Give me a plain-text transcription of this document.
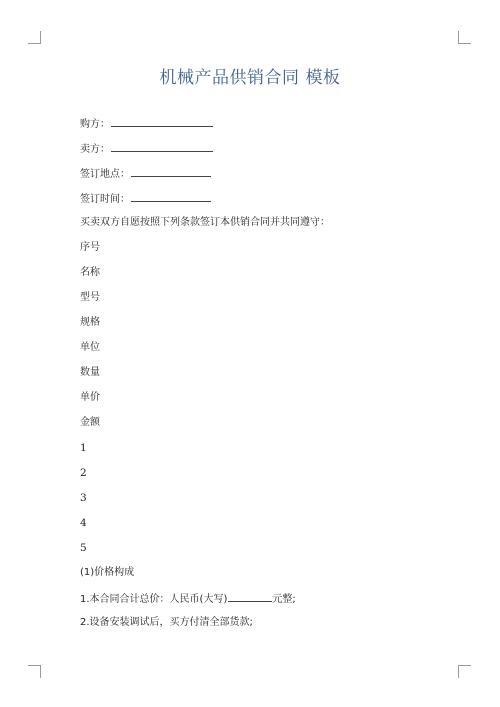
机械产品供销合同 模板
购方：
卖方：
签订地点：
签订时间：
买卖双方自愿按照下列条款签订本供销合同并共同遵守：
序号
名称
型号
规格
单位
数量
单价
金额
1
2
3
4
5
(1)价格构成
1.本合同合计总价：人民币(大写)	元整;
2.设备安装调试后，买方付清全部货款;
